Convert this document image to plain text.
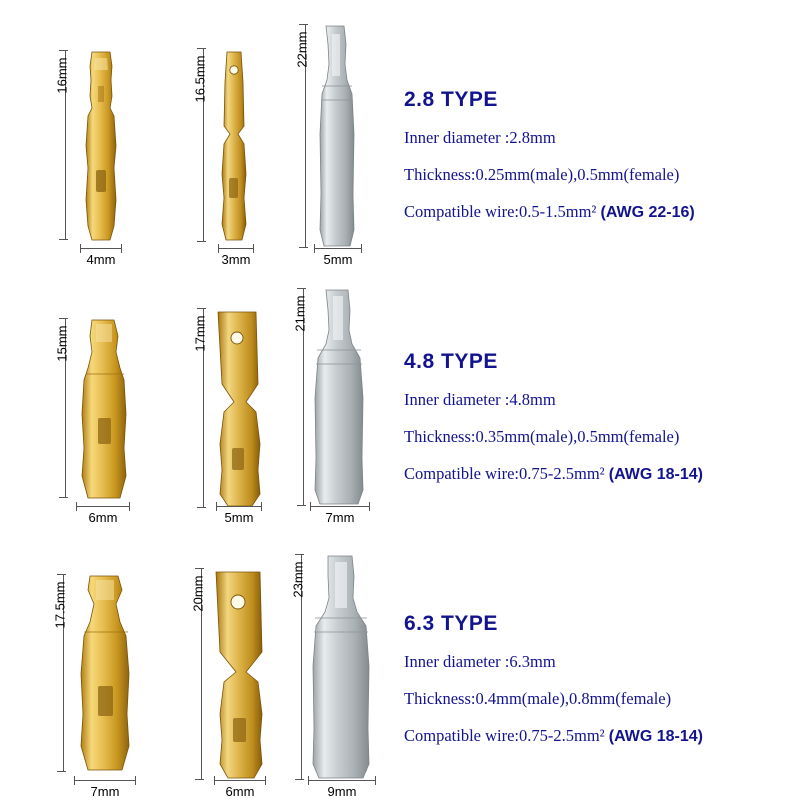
16mm
4mm
16.5mm
3mm
22mm
5mm
2.8 TYPE
Inner diameter :2.8mm
Thickness:0.25mm(male),0.5mm(female)
Compatible wire:0.5-1.5mm² (AWG 22-16)
15mm
6mm
17mm
5mm
21mm
7mm
4.8 TYPE
Inner diameter :4.8mm
Thickness:0.35mm(male),0.5mm(female)
Compatible wire:0.75-2.5mm² (AWG 18-14)
17.5mm
7mm
20mm
6mm
23mm
9mm
6.3 TYPE
Inner diameter :6.3mm
Thickness:0.4mm(male),0.8mm(female)
Compatible wire:0.75-2.5mm² (AWG 18-14)
